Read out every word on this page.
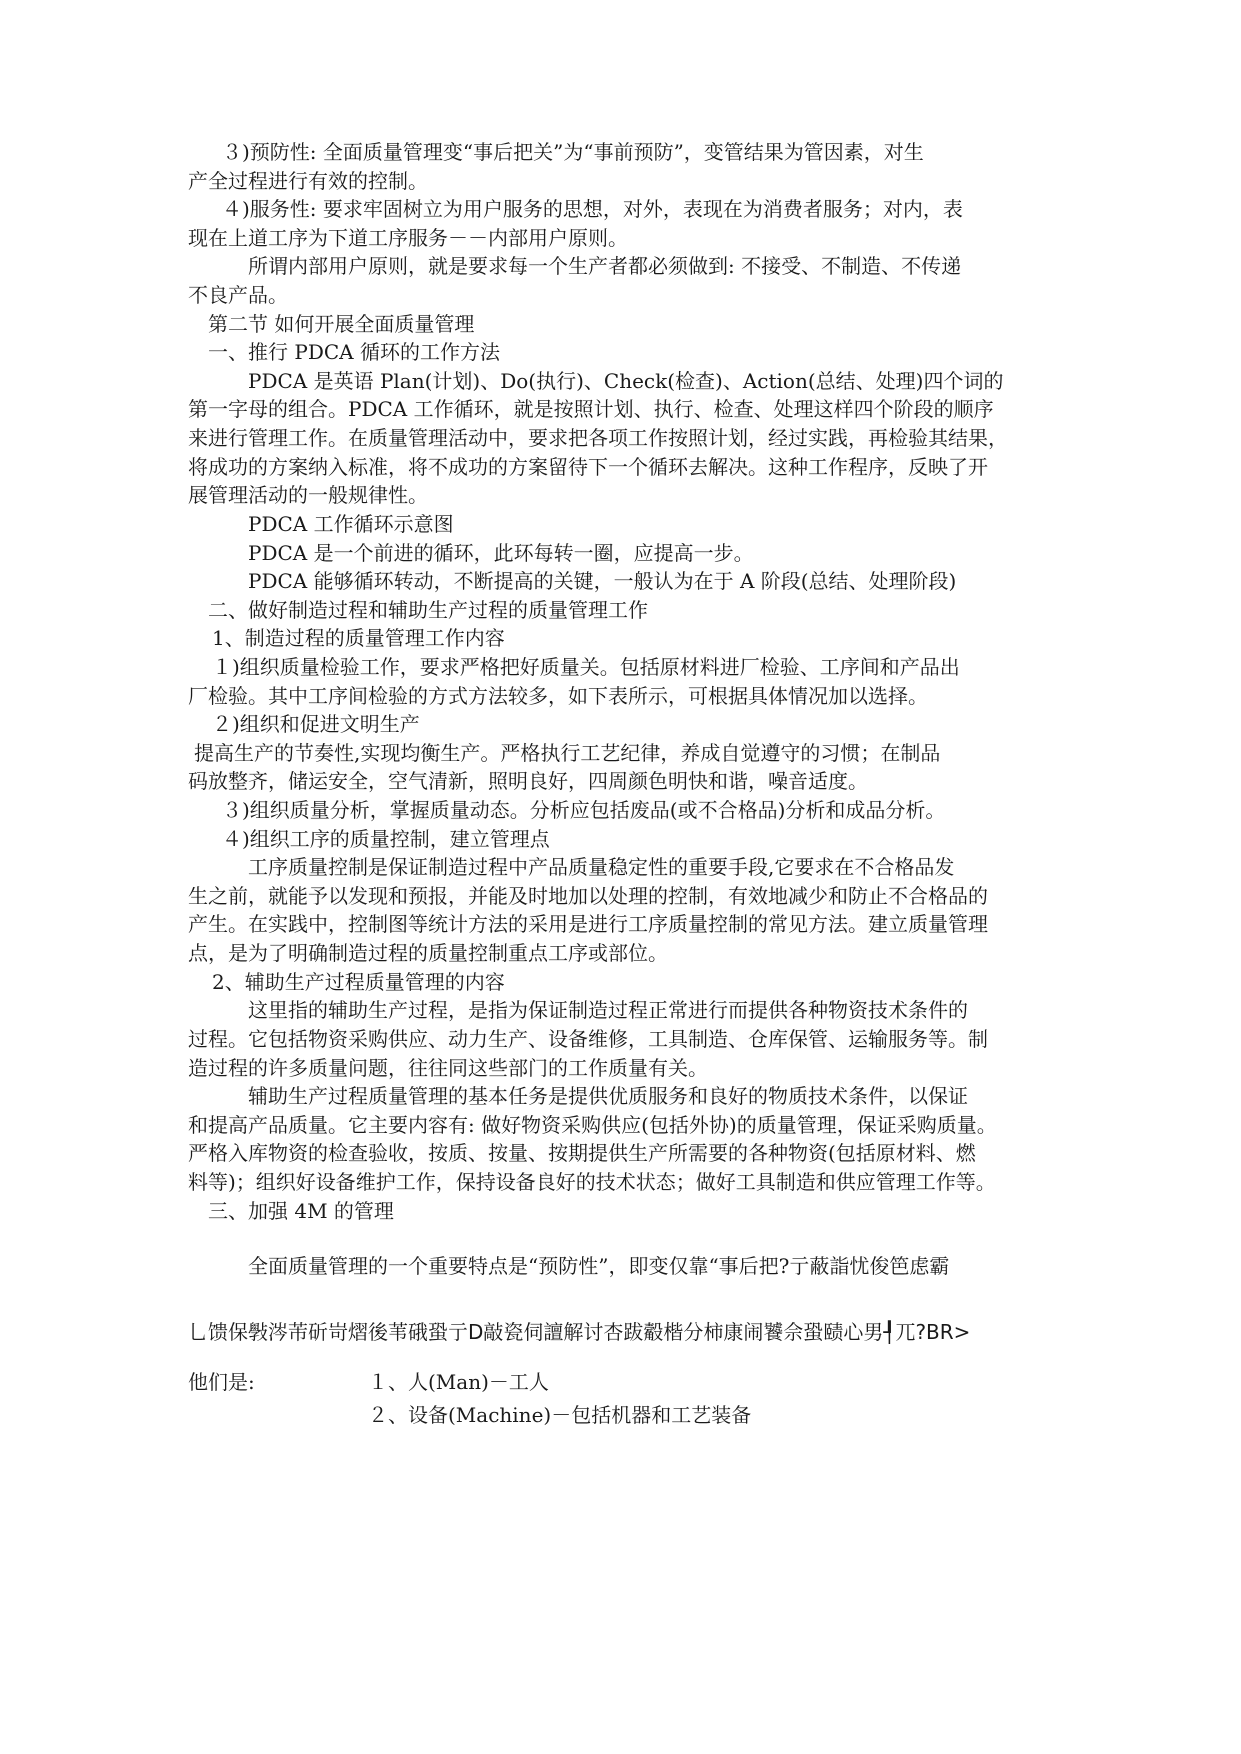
３)预防性: 全面质量管理变“事后把关”为“事前预防”，变管结果为管因素，对生
产全过程进行有效的控制。
４)服务性: 要求牢固树立为用户服务的思想，对外，表现在为消费者服务；对内，表
现在上道工序为下道工序服务－－内部用户原则。
所谓内部用户原则，就是要求每一个生产者都必须做到: 不接受、不制造、不传递
不良产品。
第二节 如何开展全面质量管理
一、推行 PDCA 循环的工作方法
PDCA 是英语 Plan(计划)、Do(执行)、Check(检查)、Action(总结、处理)四个词的
第一字母的组合。PDCA 工作循环，就是按照计划、执行、检查、处理这样四个阶段的顺序
来进行管理工作。在质量管理活动中，要求把各项工作按照计划，经过实践，再检验其结果，
将成功的方案纳入标准，将不成功的方案留待下一个循环去解决。这种工作程序，反映了开
展管理活动的一般规律性。
PDCA 工作循环示意图
PDCA 是一个前进的循环，此环每转一圈，应提高一步。
PDCA 能够循环转动，不断提高的关键，一般认为在于 A 阶段(总结、处理阶段)
二、做好制造过程和辅助生产过程的质量管理工作
1、制造过程的质量管理工作内容
１)组织质量检验工作，要求严格把好质量关。包括原材料进厂检验、工序间和产品出
厂检验。其中工序间检验的方式方法较多，如下表所示，可根据具体情况加以选择。
２)组织和促进文明生产
提高生产的节奏性,实现均衡生产。严格执行工艺纪律，养成自觉遵守的习惯；在制品
码放整齐，储运安全，空气清新，照明良好，四周颜色明快和谐，噪音适度。
３)组织质量分析，掌握质量动态。分析应包括废品(或不合格品)分析和成品分析。
４)组织工序的质量控制，建立管理点
工序质量控制是保证制造过程中产品质量稳定性的重要手段,它要求在不合格品发
生之前，就能予以发现和预报，并能及时地加以处理的控制，有效地减少和防止不合格品的
产生。在实践中，控制图等统计方法的采用是进行工序质量控制的常见方法。建立质量管理
点，是为了明确制造过程的质量控制重点工序或部位。
2、辅助生产过程质量管理的内容
这里指的辅助生产过程，是指为保证制造过程正常进行而提供各种物资技术条件的
过程。它包括物资采购供应、动力生产、设备维修，工具制造、仓库保管、运输服务等。制
造过程的许多质量问题，往往同这些部门的工作质量有关。
辅助生产过程质量管理的基本任务是提供优质服务和良好的物质技术条件，以保证
和提高产品质量。它主要内容有: 做好物资采购供应(包括外协)的质量管理，保证采购质量。
严格入库物资的检查验收，按质、按量、按期提供生产所需要的各种物资(包括原材料、燃
料等)；组织好设备维护工作，保持设备良好的技术状态；做好工具制造和供应管理工作等。
三、加强 4M 的管理
全面质量管理的一个重要特点是“预防性”，即变仅靠“事后把?亍蔽詣忧俊笆虑霸
乚馈保斅涔芾斫岢熠後苇硪蛩亍D敲瓷伺譠解讨杏跋觳楷分柿康闹饕佘蛩赜心男┦兀?BR>
他们是:	１、人(Man)－工人
２、设备(Machine)－包括机器和工艺装备
